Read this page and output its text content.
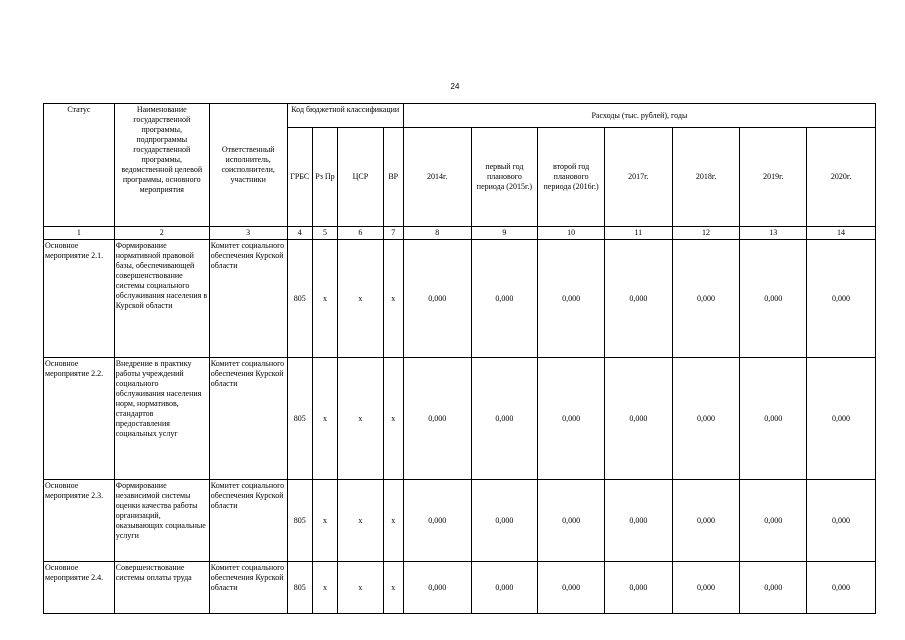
24
Статус	Наименование государственной программы, подпрограммы государственной программы, ведомственной целевой программы, основного мероприятия	Ответственный исполнитель, соисполнители, участники	Код бюджетной классификации				Расходы (тыс. рублей), годы						
			ГРБС	Рз Пр	ЦСР	ВР	2014г.	первый год планового периода (2015г.)	второй год планового периода (2016г.)	2017г.	2018г.	2019г.	2020г.
1	2	3	4	5	6	7	8	9	10	11	12	13	14
Основное мероприятие 2.1.	Формирование нормативной правовой базы, обеспечивающей совершенствование системы социального обслуживания населения в Курской области	Комитет социального обеспечения Курской области	805	х	х	х	0,000	0,000	0,000	0,000	0,000	0,000	0,000
Основное мероприятие 2.2.	Внедрение в практику работы учреждений социального обслуживания населения норм, нормативов, стандартов предоставления социальных услуг	Комитет социального обеспечения Курской области	805	х	х	х	0,000	0,000	0,000	0,000	0,000	0,000	0,000
Основное мероприятие 2.3.	Формирование независимой системы оценки качества работы организаций, оказывающих социальные услуги	Комитет социального обеспечения Курской области	805	х	х	х	0,000	0,000	0,000	0,000	0,000	0,000	0,000
Основное мероприятие 2.4.	Совершенствование системы оплаты труда	Комитет социального обеспечения Курской области	805	х	х	х	0,000	0,000	0,000	0,000	0,000	0,000	0,000
